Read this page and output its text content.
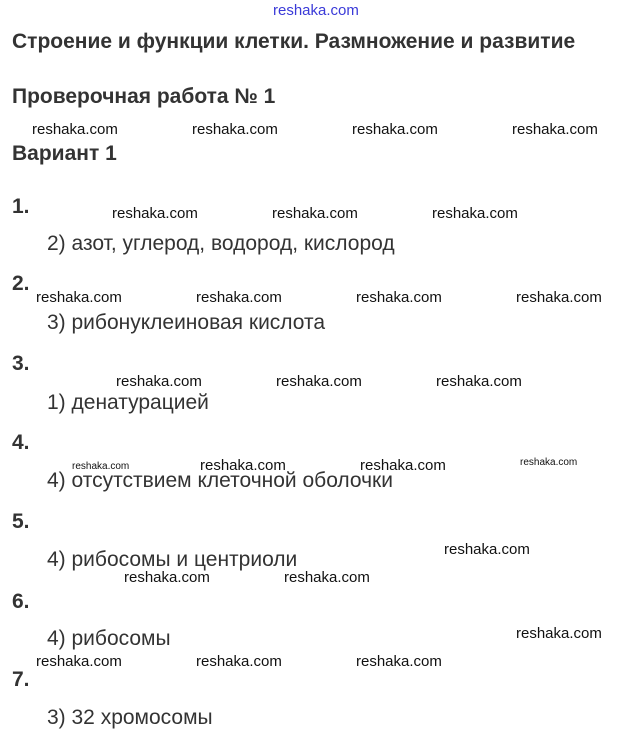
reshaka.com
Строение и функции клетки. Размножение и развитие
Проверочная работа № 1
Вариант 1
1.
2) азот, углерод, водород, кислород
2.
3) рибонуклеиновая кислота
3.
1) денатурацией
4.
4) отсутствием клеточной оболочки
5.
4) рибосомы и центриоли
6.
4) рибосомы
7.
3) 32 хромосомы
reshaka.com	reshaka.com	reshaka.com	reshaka.com
reshaka.com	reshaka.com	reshaka.com
reshaka.com	reshaka.com	reshaka.com	reshaka.com
reshaka.com	reshaka.com	reshaka.com
reshaka.com	reshaka.com	reshaka.com	reshaka.com
reshaka.com
reshaka.com	reshaka.com
reshaka.com
reshaka.com	reshaka.com	reshaka.com
